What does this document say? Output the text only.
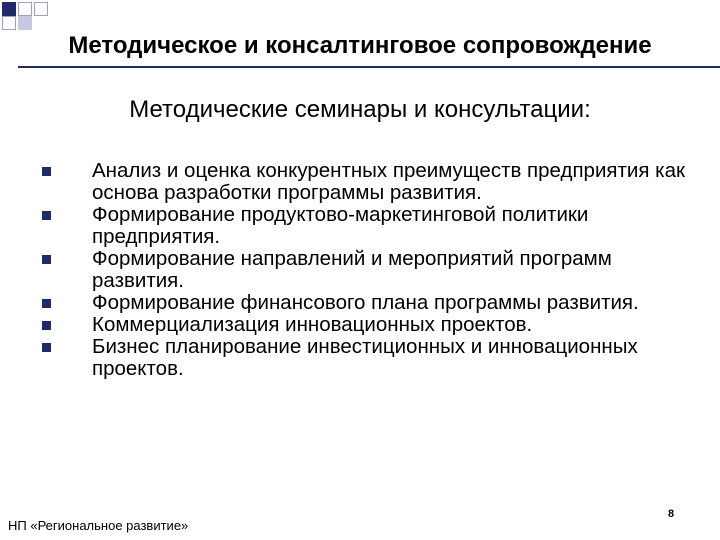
Методическое и консалтинговое сопровождение
Методические семинары и консультации:
Анализ и оценка конкурентных преимуществ предприятия как основа разработки программы развития.
Формирование продуктово-маркетинговой политики предприятия.
Формирование направлений и мероприятий программ развития.
Формирование финансового плана программы развития.
Коммерциализация инновационных проектов.
Бизнес планирование инвестиционных и инновационных проектов.
НП «Региональное развитие»
8
